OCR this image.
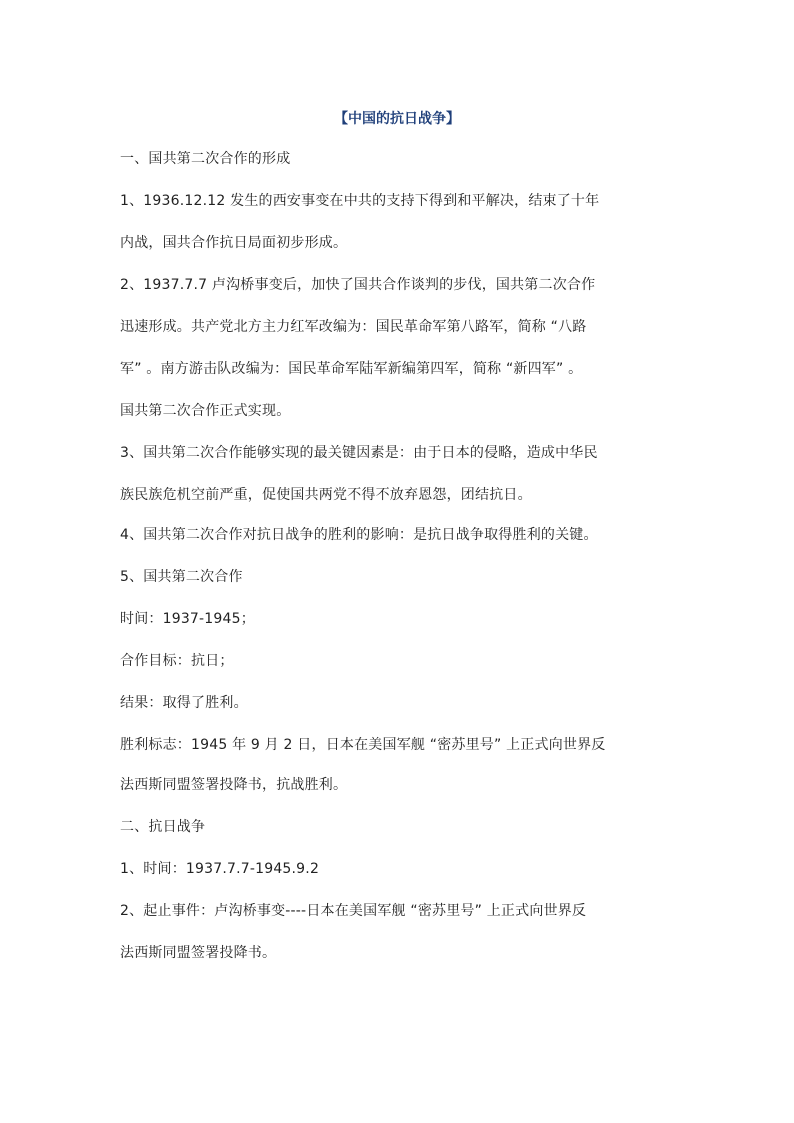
【中国的抗日战争】
一、国共第二次合作的形成
1、1936.12.12 发生的西安事变在中共的支持下得到和平解决，结束了十年
内战，国共合作抗日局面初步形成。
2、1937.7.7 卢沟桥事变后，加快了国共合作谈判的步伐，国共第二次合作
迅速形成。共产党北方主力红军改编为：国民革命军第八路军，简称 “八路
军” 。南方游击队改编为：国民革命军陆军新编第四军，简称 “新四军” 。
国共第二次合作正式实现。
3、国共第二次合作能够实现的最关键因素是：由于日本的侵略，造成中华民
族民族危机空前严重，促使国共两党不得不放弃恩怨，团结抗日。
4、国共第二次合作对抗日战争的胜利的影响：是抗日战争取得胜利的关键。
5、国共第二次合作
时间：1937-1945；
合作目标：抗日；
结果：取得了胜利。
胜利标志：1945 年 9 月 2 日，日本在美国军舰 “密苏里号” 上正式向世界反
法西斯同盟签署投降书，抗战胜利。
二、抗日战争
1、时间：1937.7.7-1945.9.2
2、起止事件：卢沟桥事变----日本在美国军舰 “密苏里号” 上正式向世界反
法西斯同盟签署投降书。
